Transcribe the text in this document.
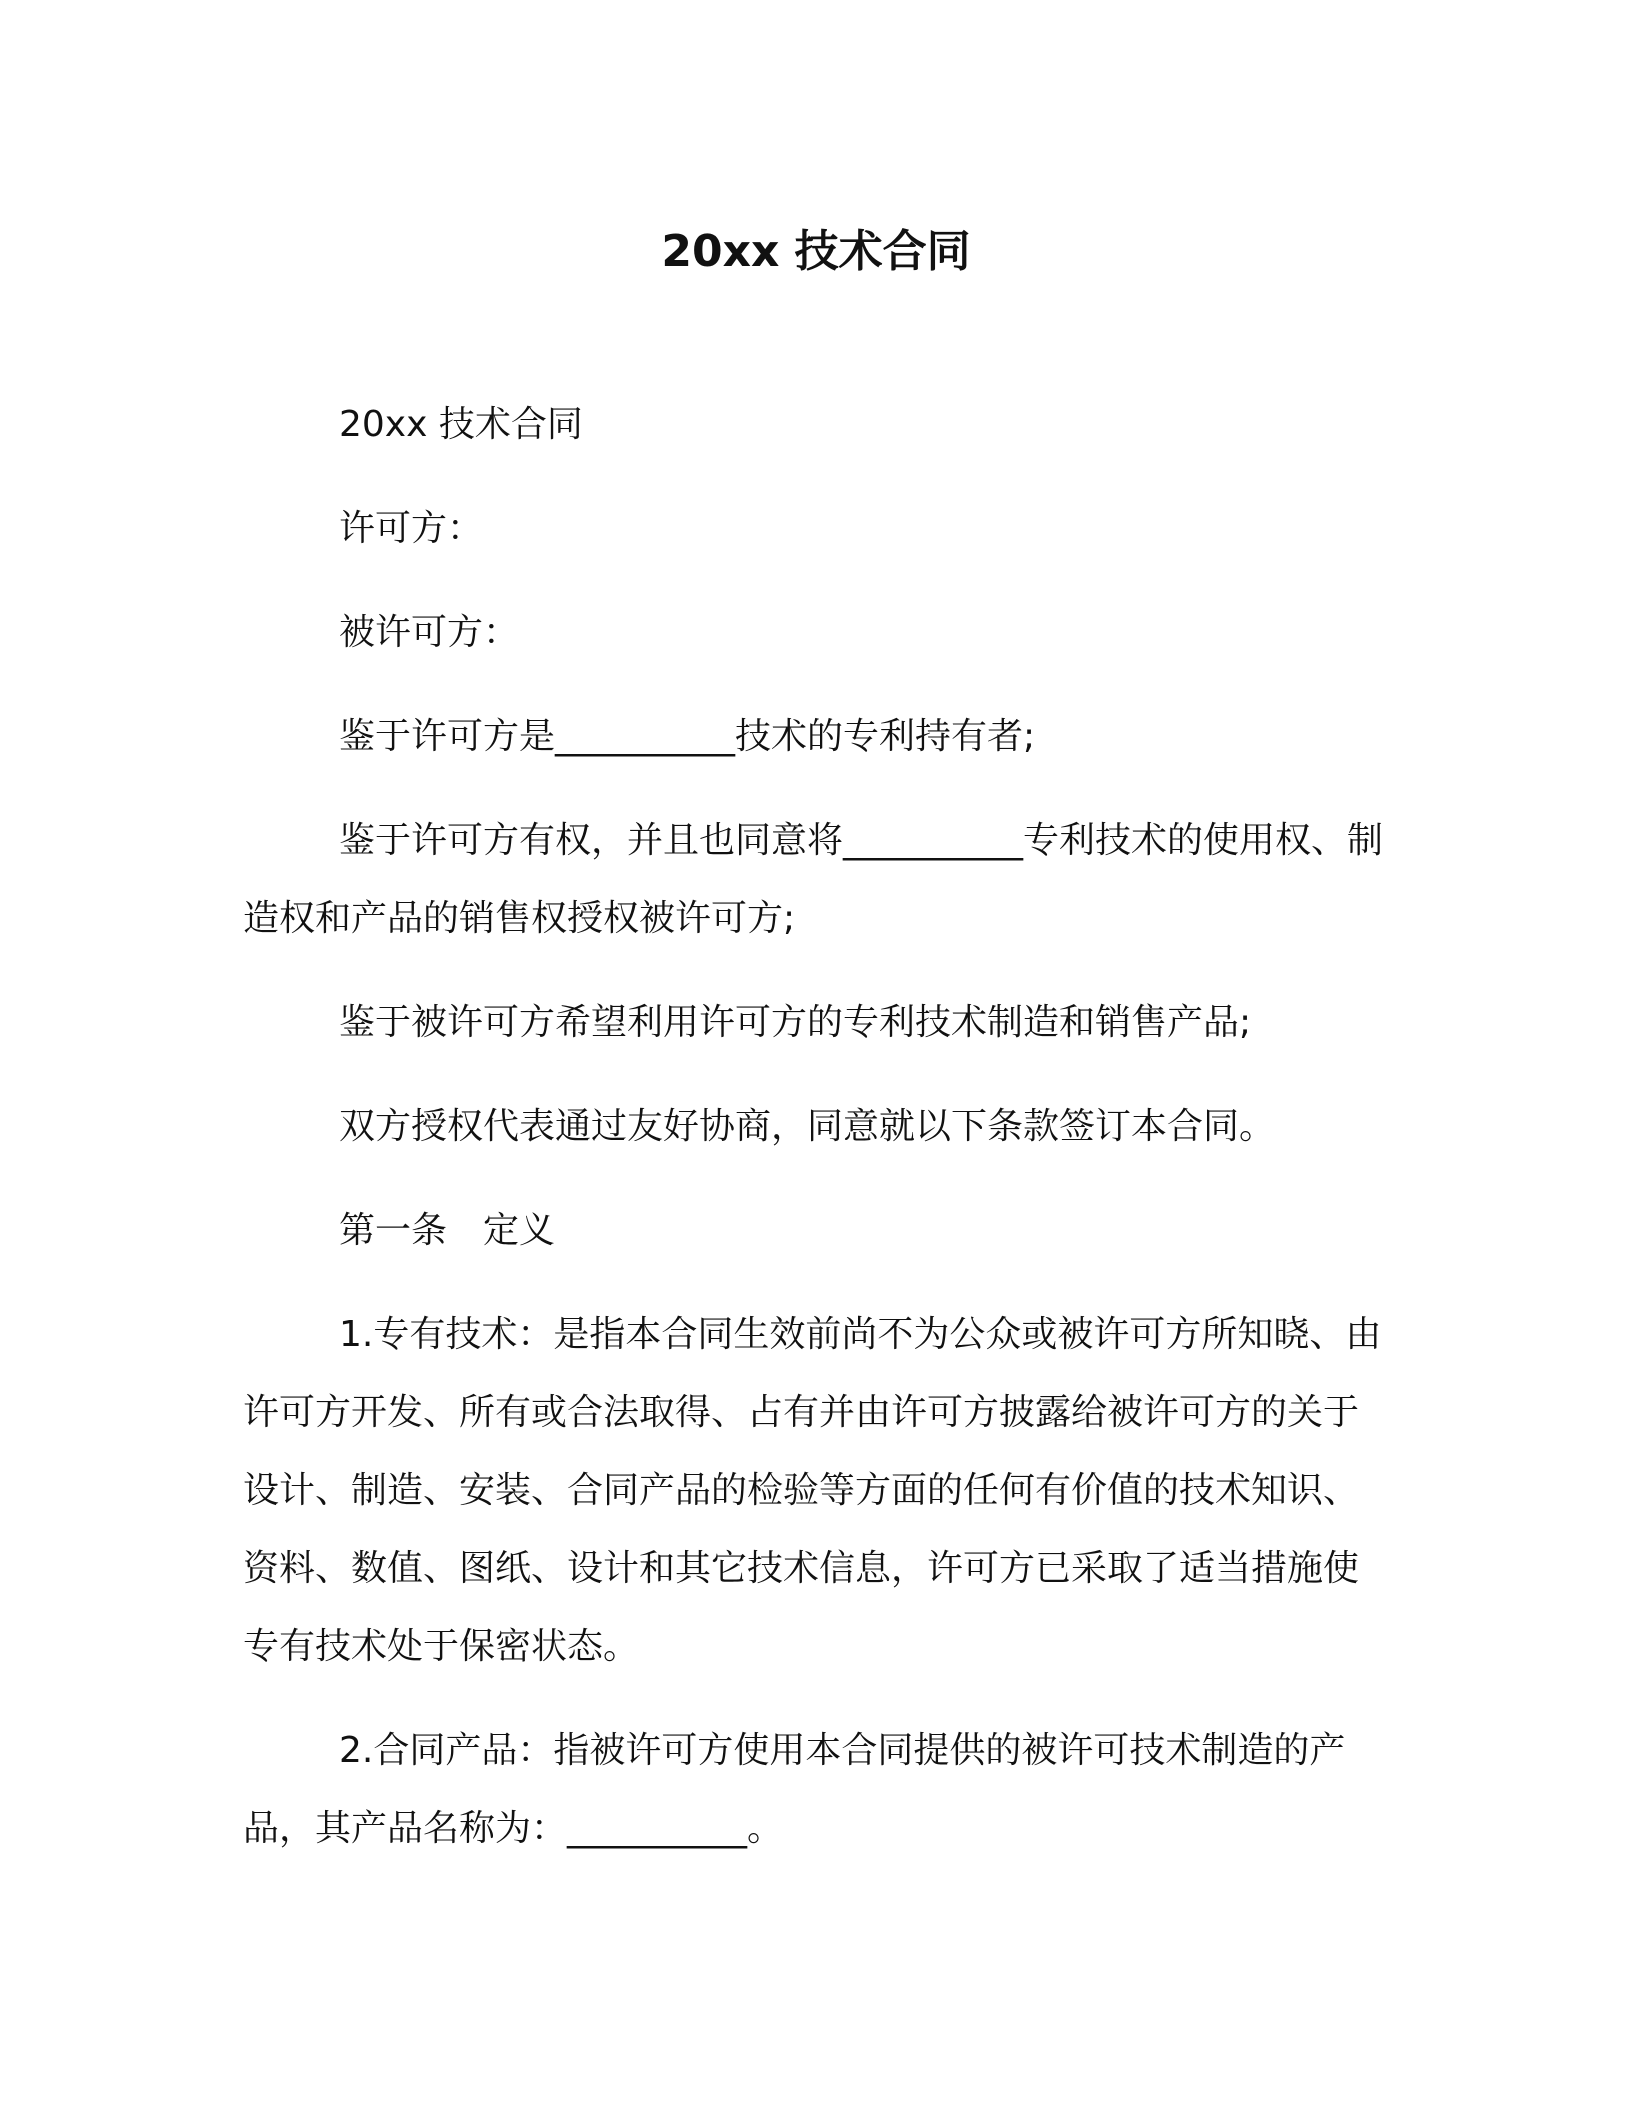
20xx 技术合同

20xx 技术合同

许可方：

被许可方：

鉴于许可方是__________技术的专利持有者;

鉴于许可方有权，并且也同意将__________专利技术的使用权、制造权和产品的销售权授权被许可方;

鉴于被许可方希望利用许可方的专利技术制造和销售产品;

双方授权代表通过友好协商，同意就以下条款签订本合同。

第一条　定义

1.专有技术：是指本合同生效前尚不为公众或被许可方所知晓、由许可方开发、所有或合法取得、占有并由许可方披露给被许可方的关于设计、制造、安装、合同产品的检验等方面的任何有价值的技术知识、资料、数值、图纸、设计和其它技术信息，许可方已采取了适当措施使专有技术处于保密状态。

2.合同产品：指被许可方使用本合同提供的被许可技术制造的产品，其产品名称为：__________。
